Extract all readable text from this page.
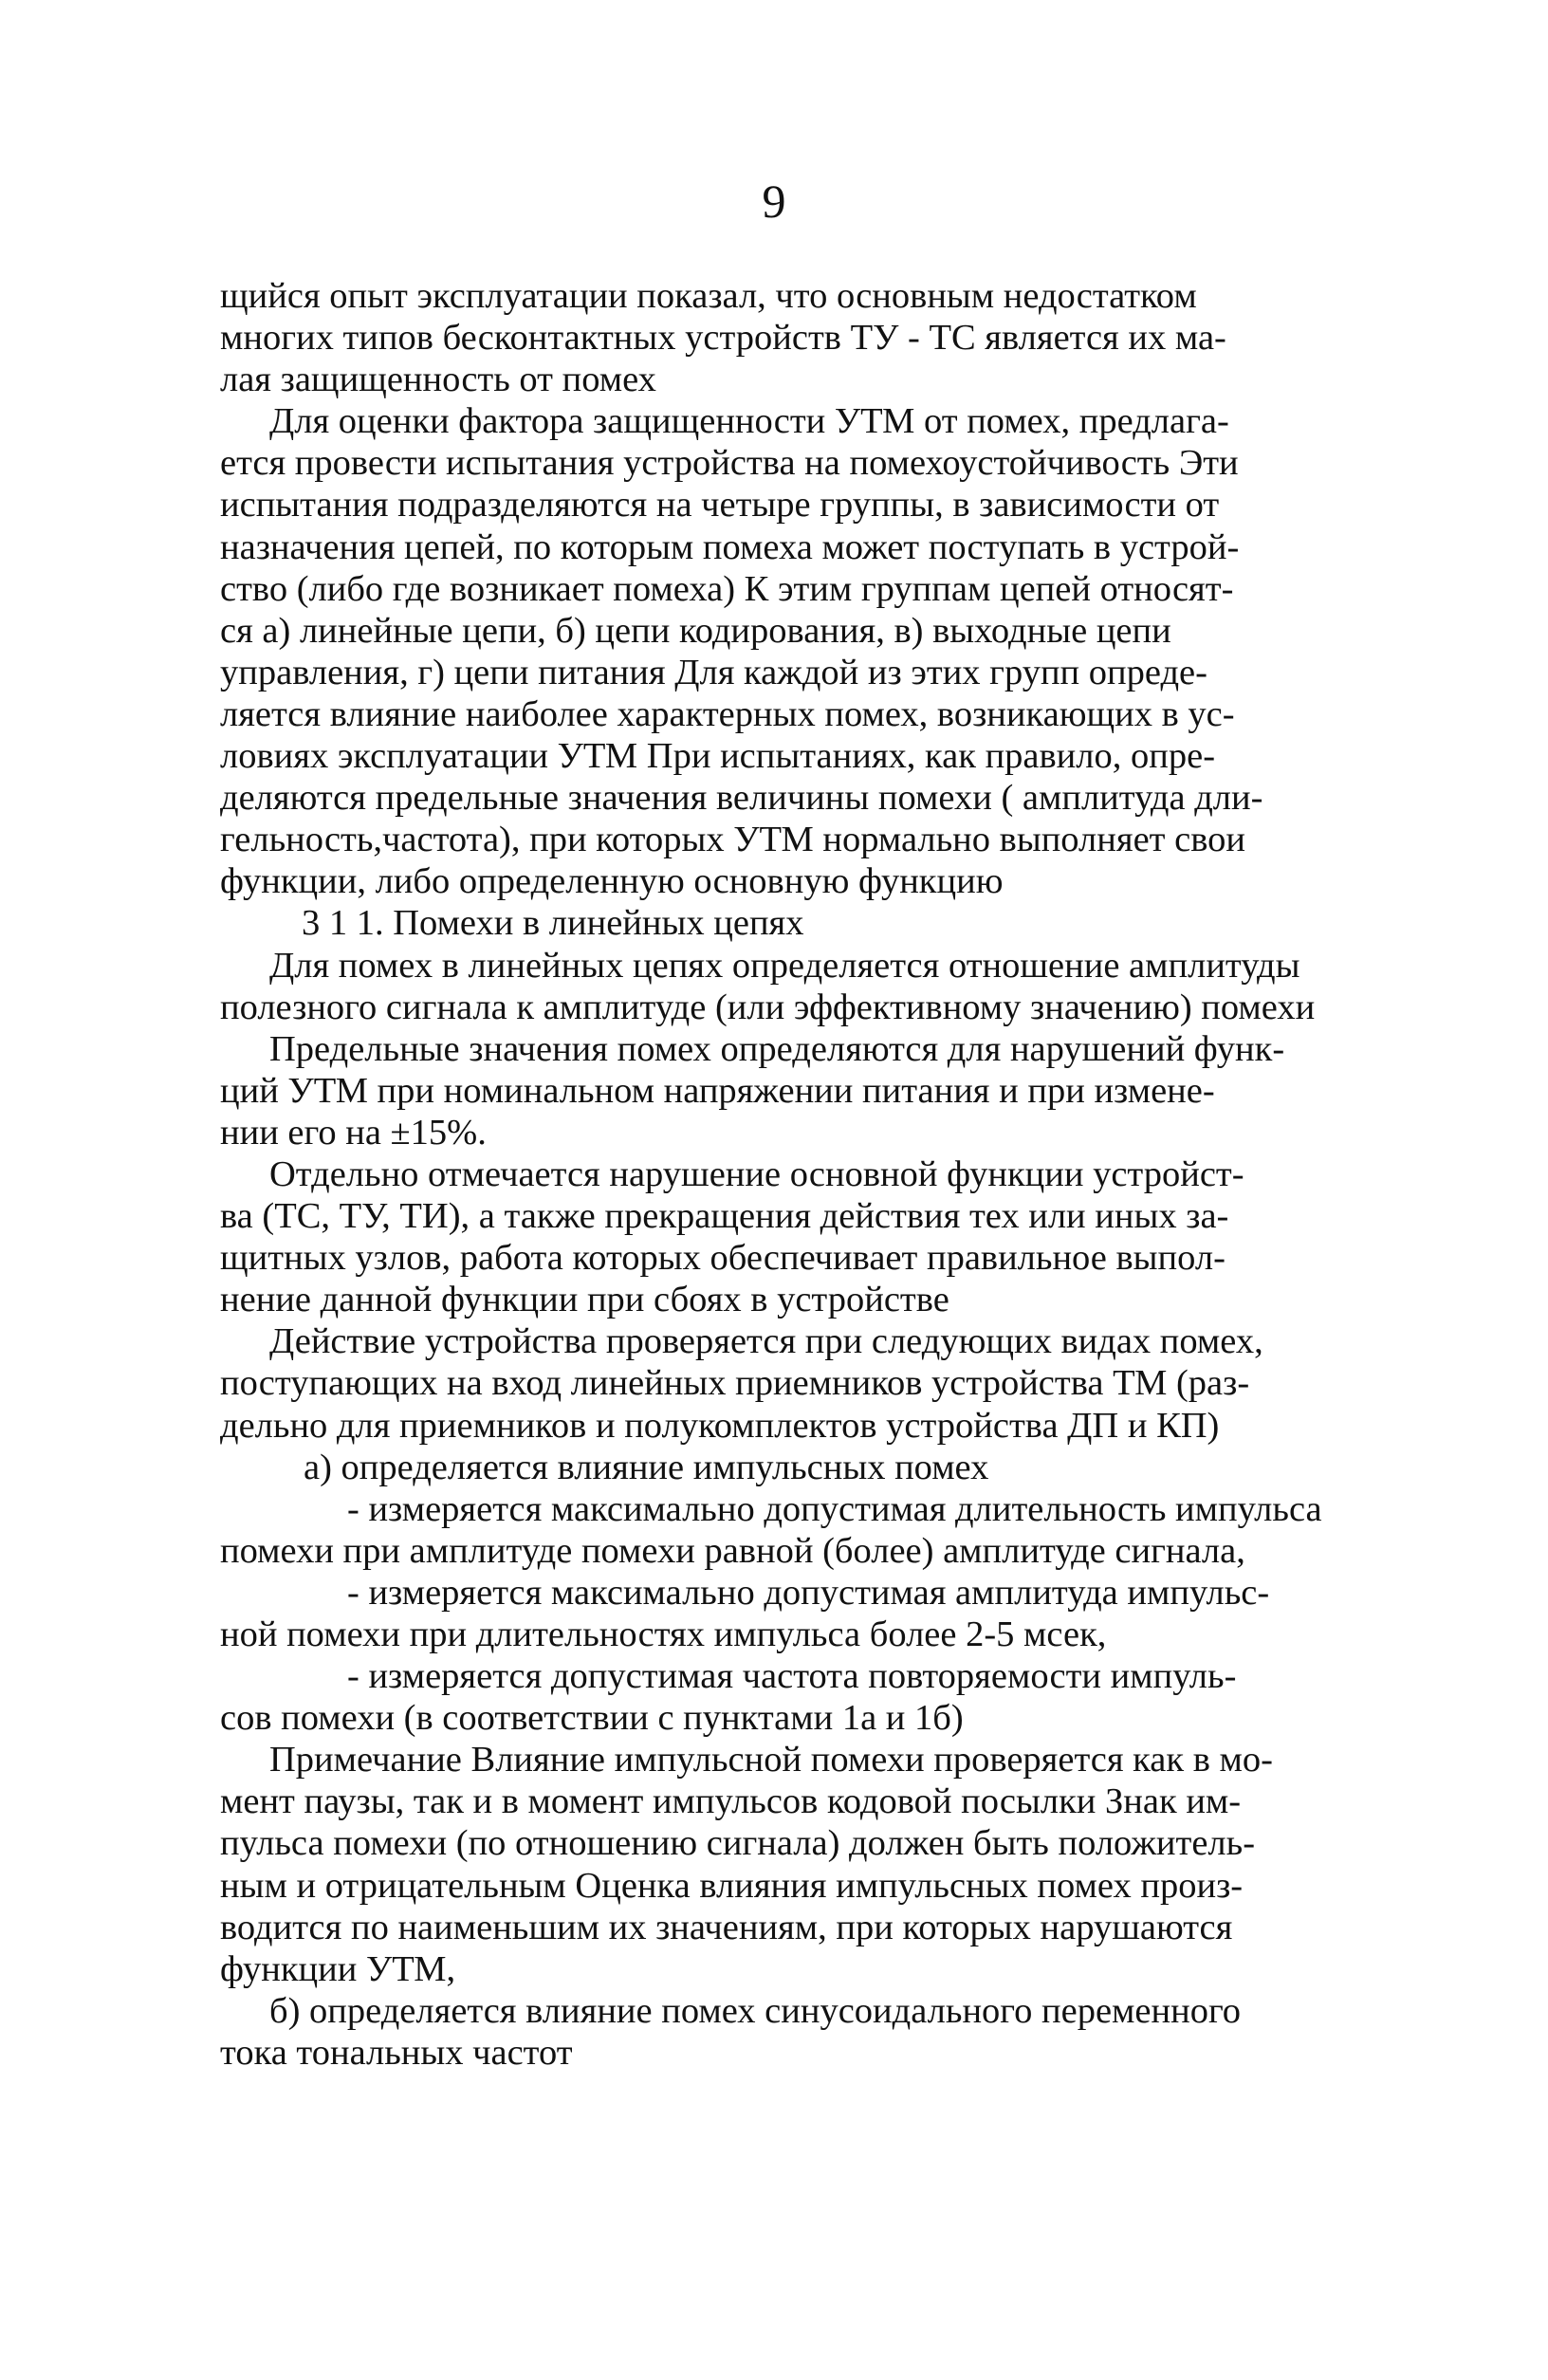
9

щийся опыт эксплуатации показал, что основным недостатком
многих типов бесконтактных устройств ТУ - ТС является их ма-
лая защищенность от помех

Для оценки фактора защищенности УТМ от помех, предлага-
ется провести испытания устройства на помехоустойчивость Эти
испытания подразделяются на четыре группы, в зависимости от
назначения цепей, по которым помеха может поступать в устрой-
ство (либо где возникает помеха) К этим группам цепей относят-
ся а) линейные цепи, б) цепи кодирования, в) выходные цепи
управления, г) цепи питания Для каждой из этих групп опреде-
ляется влияние наиболее характерных помех, возникающих в ус-
ловиях эксплуатации УТМ При испытаниях, как правило, опре-
деляются предельные значения величины помехи ( амплитуда дли-
гельность,частота), при которых УТМ нормально выполняет свои
функции, либо определенную основную функцию

3 1 1. Помехи в линейных цепях

Для помех в линейных цепях определяется отношение амплитуды
полезного сигнала к амплитуде (или эффективному значению) помехи

Предельные значения помех определяются для нарушений функ-
ций УТМ при номинальном напряжении питания и при измене-
нии его на ±15%.

Отдельно отмечается нарушение основной функции устройст-
ва (ТС, ТУ, ТИ), а также прекращения действия тех или иных за-
щитных узлов, работа которых обеспечивает правильное выпол-
нение данной функции при сбоях в устройстве

Действие устройства проверяется при следующих видах помех,
поступающих на вход линейных приемников устройства ТМ (раз-
дельно для приемников и полукомплектов устройства ДП и КП)

а) определяется влияние импульсных помех

- измеряется максимально допустимая длительность импульса
помехи при амплитуде помехи равной (более) амплитуде сигнала,

- измеряется максимально допустимая амплитуда импульс-
ной помехи при длительностях импульса более 2-5 мсек,

- измеряется допустимая частота повторяемости импуль-
сов помехи (в соответствии с пунктами 1а и 1б)

Примечание Влияние импульсной помехи проверяется как в мо-
мент паузы, так и в момент импульсов кодовой посылки Знак им-
пульса помехи (по отношению сигнала) должен быть положитель-
ным и отрицательным Оценка влияния импульсных помех произ-
водится по наименьшим их значениям, при которых нарушаются
функции УТМ,

б) определяется влияние помех синусоидального переменного
тока тональных частот
